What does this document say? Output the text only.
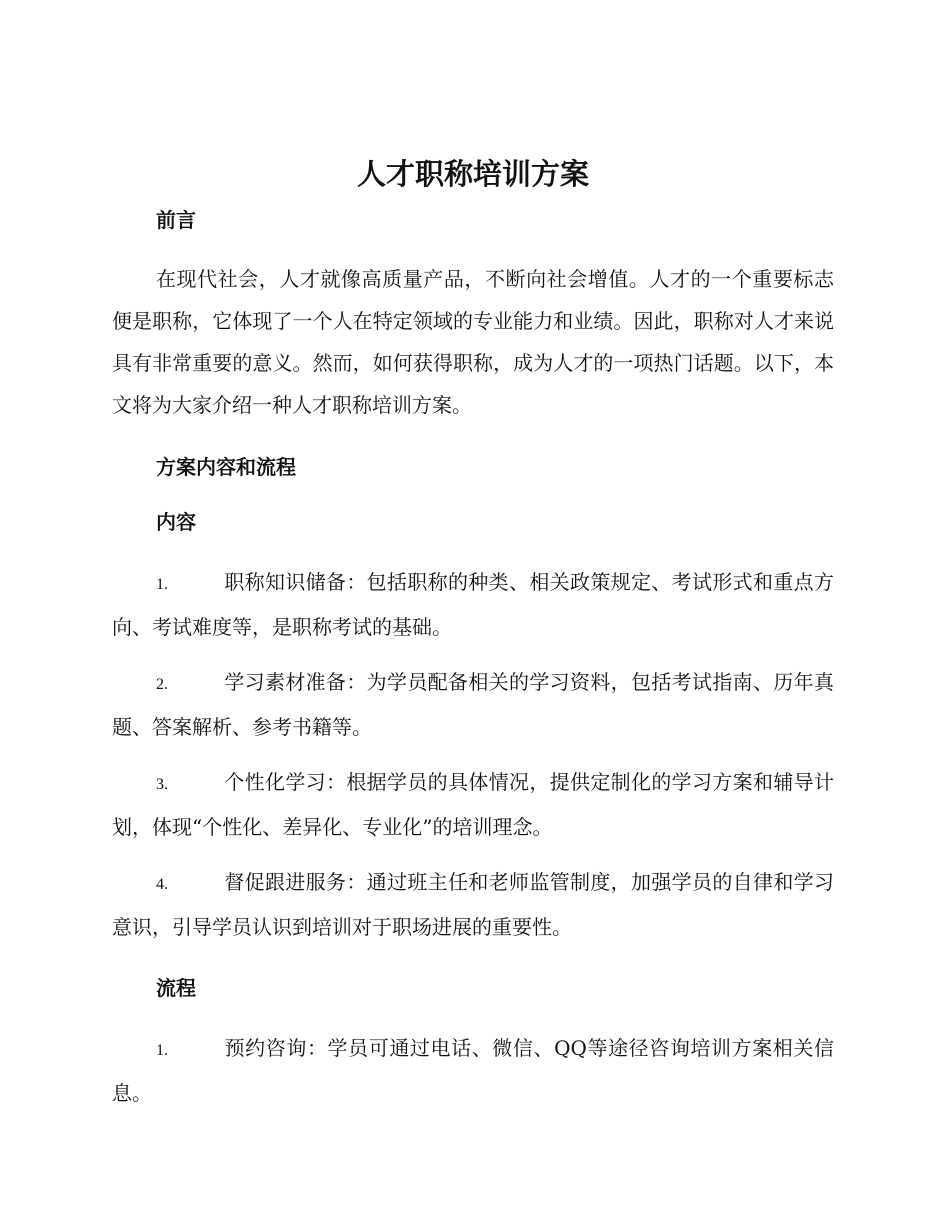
人才职称培训方案
前言

在现代社会，人才就像高质量产品，不断向社会增值。人才的一个重要标志便是职称，它体现了一个人在特定领域的专业能力和业绩。因此，职称对人才来说具有非常重要的意义。然而，如何获得职称，成为人才的一项热门话题。以下，本文将为大家介绍一种人才职称培训方案。

方案内容和流程
内容

1.	职称知识储备：包括职称的种类、相关政策规定、考试形式和重点方向、考试难度等，是职称考试的基础。

2.	学习素材准备：为学员配备相关的学习资料，包括考试指南、历年真题、答案解析、参考书籍等。

3.	个性化学习：根据学员的具体情况，提供定制化的学习方案和辅导计划，体现“个性化、差异化、专业化”的培训理念。

4.	督促跟进服务：通过班主任和老师监管制度，加强学员的自律和学习意识，引导学员认识到培训对于职场进展的重要性。

流程

1.	预约咨询：学员可通过电话、微信、QQ等途径咨询培训方案相关信息。
